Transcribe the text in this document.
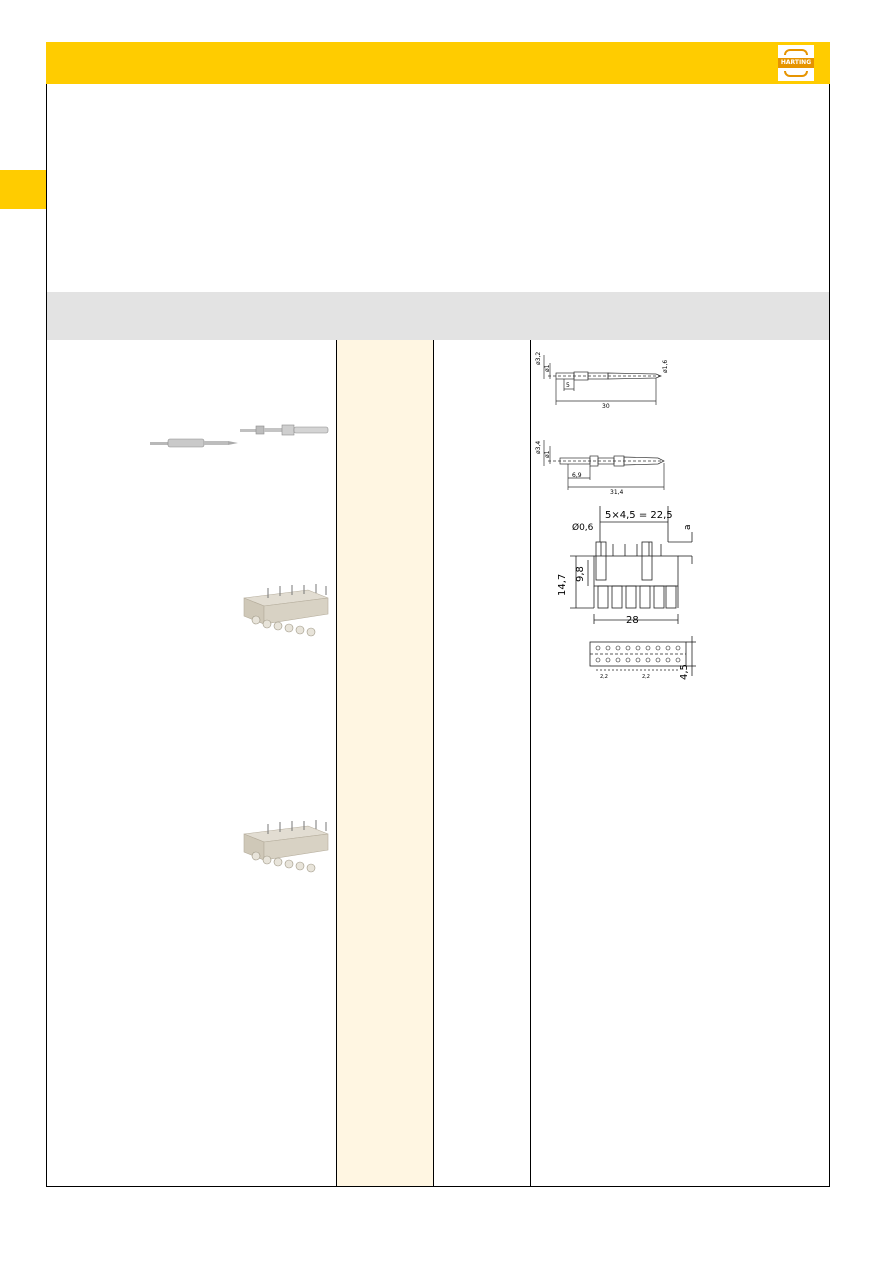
HARTING
ø3,2
ø1	ø1,6
5
30
ø3,4
ø1
6,9
31,4
5×4,5 = 22,5
Ø0,6	a
14,7 9,8
28
4,5
2,2	2,2
